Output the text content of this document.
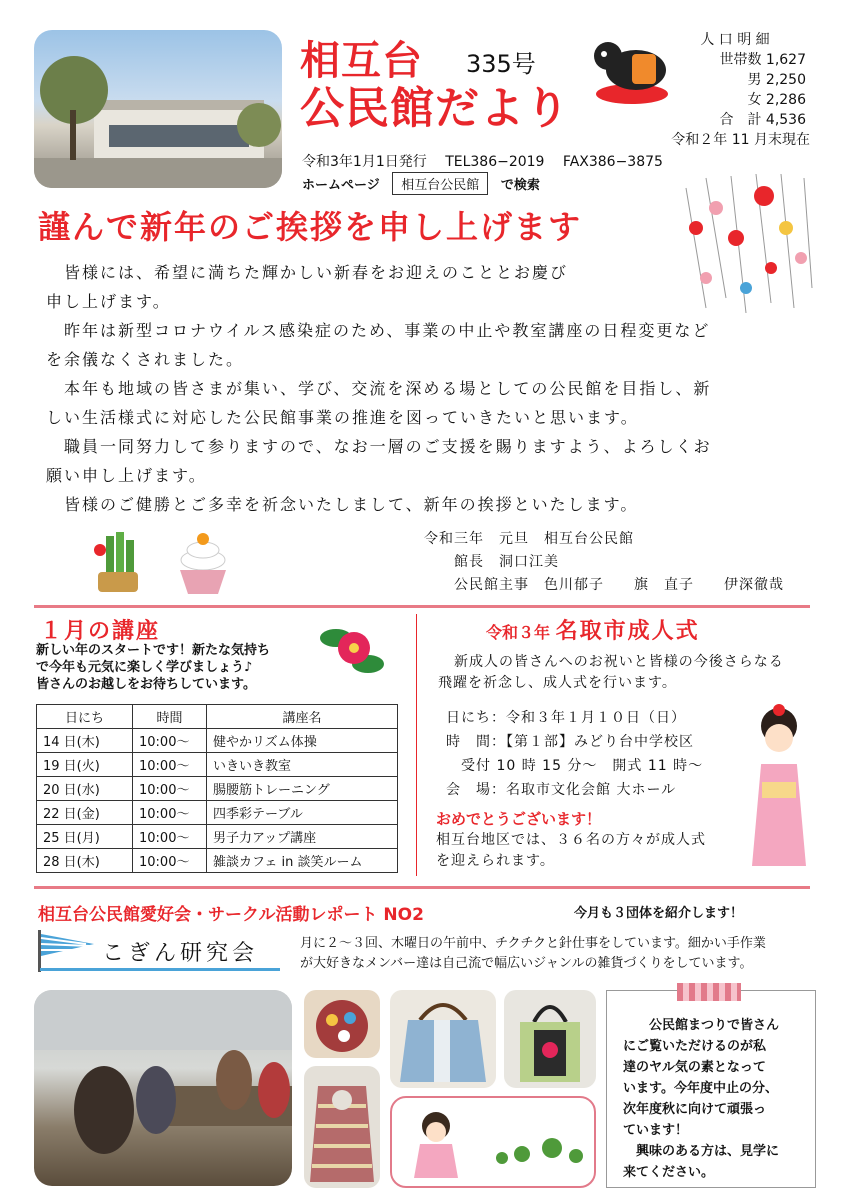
相互台 335号
公民館だより
人 口 明 細
世帯数 1,627
男 2,250
女 2,286
合　計 4,536
令和２年 11 月末現在
令和3年1月1日発行　 TEL386−2019　 FAX386−3875
ホームページ 相互台公民館 で検索
謹んで新年のご挨拶を申し上げます

　皆様には、希望に満ちた輝かしい新春をお迎えのこととお慶び

申し上げます。

　昨年は新型コロナウイルス感染症のため、事業の中止や教室講座の日程変更など

を余儀なくされました。

　本年も地域の皆さまが集い、学び、交流を深める場としての公民館を目指し、新

しい生活様式に対応した公民館事業の推進を図っていきたいと思います。

　職員一同努力して参りますので、なお一層のご支援を賜りますよう、よろしくお

願い申し上げます。

　皆様のご健勝とご多幸を祈念いたしまして、新年の挨拶といたします。

令和三年　元旦　相互台公民館
館長　洞口江美
公民館主事　色川郁子　　旗　直子　　伊深徹哉
１月の講座
新しい年のスタートです！新たな気持ち
で今年も元気に楽しく学びましょう♪
皆さんのお越しをお待ちしています。
日にち	時間	講座名
14 日(木)	10:00〜	健やかリズム体操
19 日(火)	10:00〜	いきいき教室
20 日(水)	10:00〜	腸腰筋トレーニング
22 日(金)	10:00〜	四季彩テーブル
25 日(月)	10:00〜	男子力アップ講座
28 日(木)	10:00〜	雑談カフェ in 談笑ルーム
令和３年 名取市成人式
新成人の皆さんへのお祝いと皆様の今後さらなる
飛躍を祈念し、成人式を行います。
日にち：令和３年１月１０日（日）
時　間：【第１部】みどり台中学校区
　受付 10 時 15 分〜　開式 11 時〜
会　場：名取市文化会館 大ホール
おめでとうございます！
相互台地区では、３６名の方々が成人式
を迎えられます。
相互台公民館愛好会・サークル活動レポート NO2	今月も３団体を紹介します！
こぎん研究会	月に２〜３回、木曜日の午前中、チクチクと針仕事をしています。細かい手作業
が大好きなメンバー達は自己流で幅広いジャンルの雑貨づくりをしています。
公民館まつりで皆さん
にご覧いただけるのが私
達のヤル気の素となって
います。今年度中止の分、
次年度秋に向けて頑張っ
ています！
　興味のある方は、見学に
来てください。
